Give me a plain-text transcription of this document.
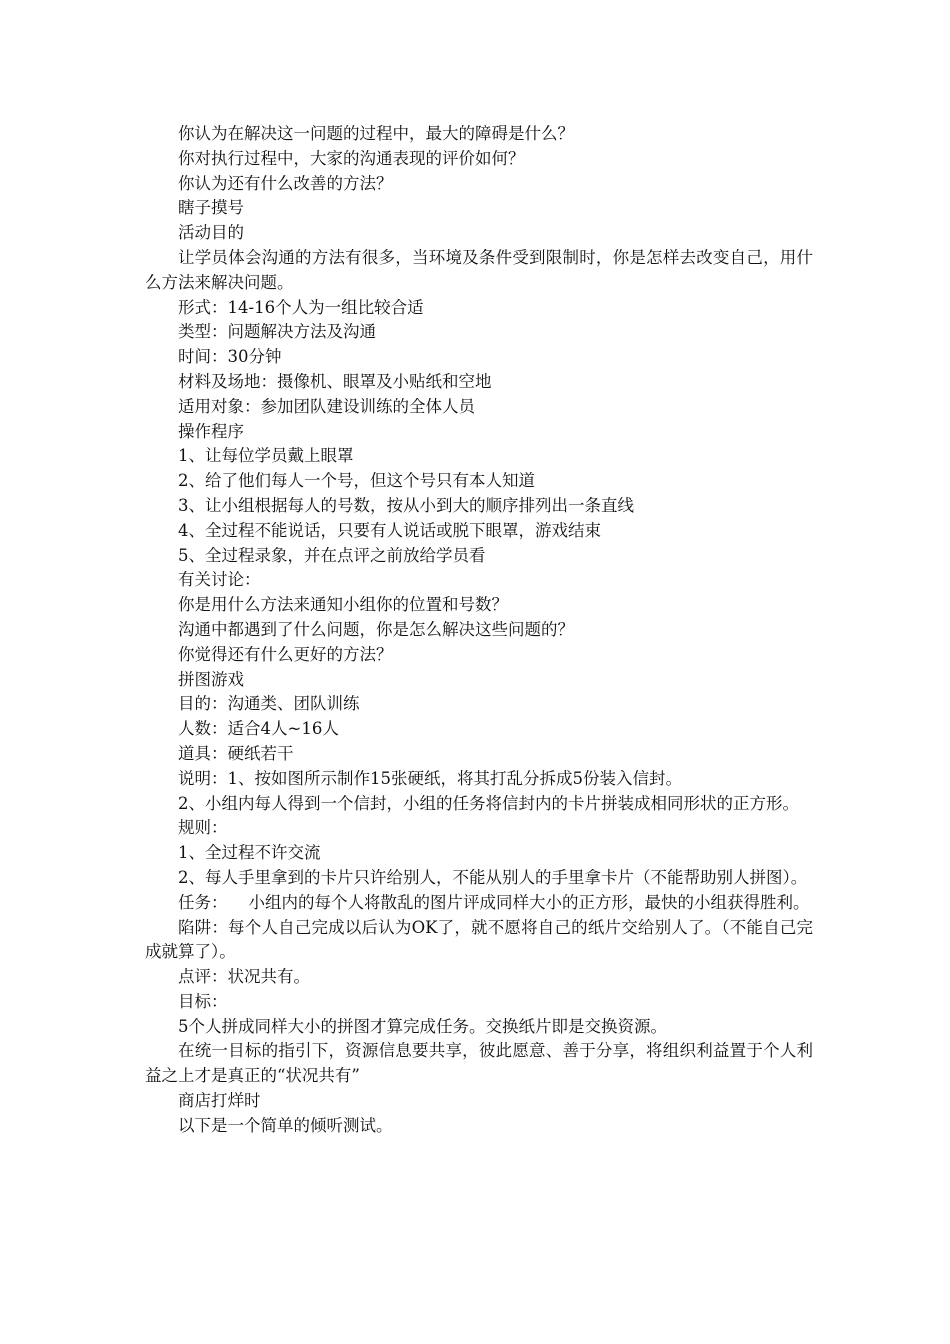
你认为在解决这一问题的过程中，最大的障碍是什么？

你对执行过程中，大家的沟通表现的评价如何？

你认为还有什么改善的方法？

瞎子摸号

活动目的

让学员体会沟通的方法有很多，当环境及条件受到限制时，你是怎样去改变自己，用什么方法来解决问题。

形式：14-16个人为一组比较合适

类型：问题解决方法及沟通

时间：30分钟

材料及场地：摄像机、眼罩及小贴纸和空地

适用对象：参加团队建设训练的全体人员

操作程序

1、让每位学员戴上眼罩

2、给了他们每人一个号，但这个号只有本人知道

3、让小组根据每人的号数，按从小到大的顺序排列出一条直线

4、全过程不能说话，只要有人说话或脱下眼罩，游戏结束

5、全过程录象，并在点评之前放给学员看

有关讨论：

你是用什么方法来通知小组你的位置和号数？

沟通中都遇到了什么问题，你是怎么解决这些问题的？

你觉得还有什么更好的方法？

拼图游戏

目的：沟通类、团队训练

人数：适合4人~16人

道具：硬纸若干

说明：1、按如图所示制作15张硬纸，将其打乱分拆成5份装入信封。

2、小组内每人得到一个信封，小组的任务将信封内的卡片拼装成相同形状的正方形。

规则：

1、全过程不许交流

2、每人手里拿到的卡片只许给别人，不能从别人的手里拿卡片（不能帮助别人拼图）。

任务：    小组内的每个人将散乱的图片评成同样大小的正方形，最快的小组获得胜利。

陷阱：每个人自己完成以后认为OK了，就不愿将自己的纸片交给别人了。（不能自己完成就算了）。

点评：状况共有。

目标：

5个人拼成同样大小的拼图才算完成任务。交换纸片即是交换资源。

在统一目标的指引下，资源信息要共享，彼此愿意、善于分享，将组织利益置于个人利益之上才是真正的“状况共有”

商店打烊时

以下是一个简单的倾听测试。
